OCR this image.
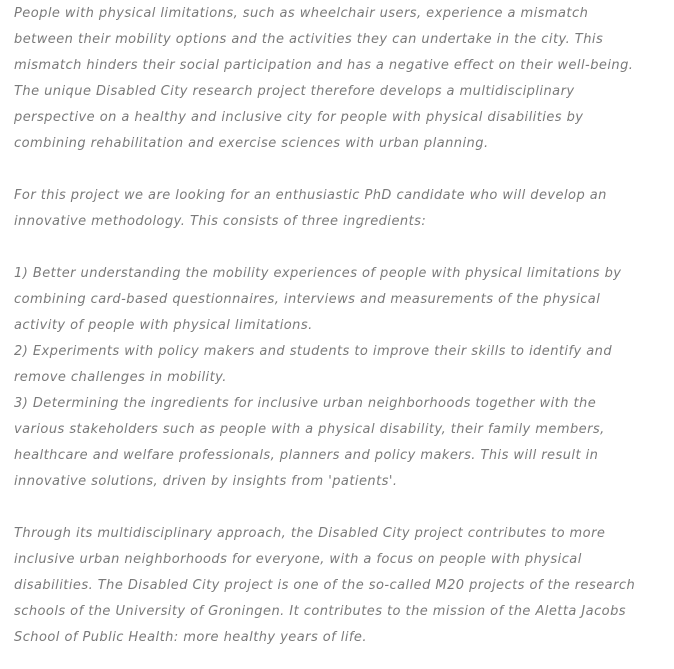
People with physical limitations, such as wheelchair users, experience a mismatch
between their mobility options and the activities they can undertake in the city. This
mismatch hinders their social participation and has a negative effect on their well-being.
The unique Disabled City research project therefore develops a multidisciplinary
perspective on a healthy and inclusive city for people with physical disabilities by
combining rehabilitation and exercise sciences with urban planning.

For this project we are looking for an enthusiastic PhD candidate who will develop an
innovative methodology. This consists of three ingredients:

1) Better understanding the mobility experiences of people with physical limitations by
combining card-based questionnaires, interviews and measurements of the physical
activity of people with physical limitations.
2) Experiments with policy makers and students to improve their skills to identify and
remove challenges in mobility.
3) Determining the ingredients for inclusive urban neighborhoods together with the
various stakeholders such as people with a physical disability, their family members,
healthcare and welfare professionals, planners and policy makers. This will result in
innovative solutions, driven by insights from 'patients'.

Through its multidisciplinary approach, the Disabled City project contributes to more
inclusive urban neighborhoods for everyone, with a focus on people with physical
disabilities. The Disabled City project is one of the so-called M20 projects of the research
schools of the University of Groningen. It contributes to the mission of the Aletta Jacobs
School of Public Health: more healthy years of life.
